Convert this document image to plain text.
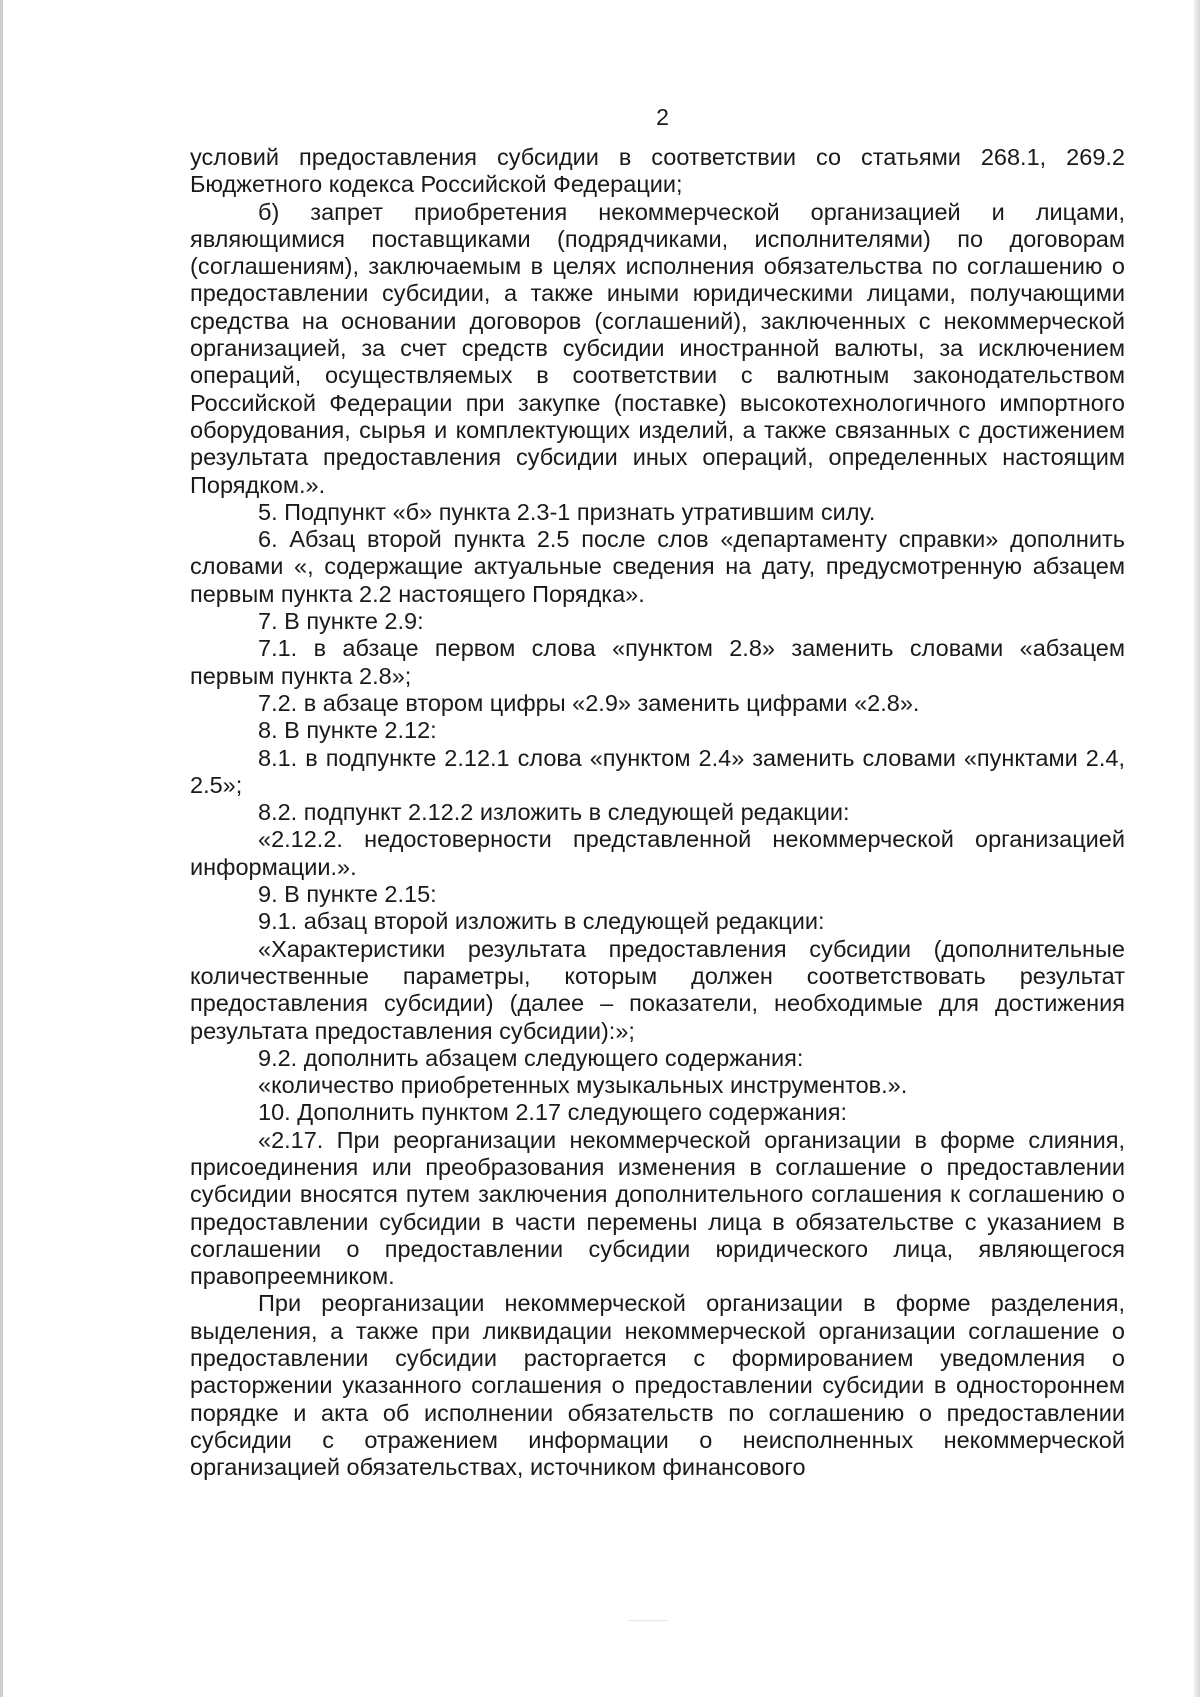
2

условий предоставления субсидии в соответствии со статьями 268.1, 269.2 Бюджетного кодекса Российской Федерации;

б) запрет приобретения некоммерческой организацией и лицами, являющимися поставщиками (подрядчиками, исполнителями) по договорам (соглашениям), заключаемым в целях исполнения обязательства по соглашению о предоставлении субсидии, а также иными юридическими лицами, получающими средства на основании договоров (соглашений), заключенных с некоммерческой организацией, за счет средств субсидии иностранной валюты, за исключением операций, осуществляемых в соответствии с валютным законодательством Российской Федерации при закупке (поставке) высокотехнологичного импортного оборудования, сырья и комплектующих изделий, а также связанных с достижением результата предоставления субсидии иных операций, определенных настоящим Порядком.».

5. Подпункт «б» пункта 2.3-1 признать утратившим силу.

6. Абзац второй пункта 2.5 после слов «департаменту справки» дополнить словами «, содержащие актуальные сведения на дату, предусмотренную абзацем первым пункта 2.2 настоящего Порядка».

7. В пункте 2.9:

7.1. в абзаце первом слова «пунктом 2.8» заменить словами «абзацем первым пункта 2.8»;

7.2. в абзаце втором цифры «2.9» заменить цифрами «2.8».

8. В пункте 2.12:

8.1. в подпункте 2.12.1 слова «пунктом 2.4» заменить словами «пунктами 2.4, 2.5»;

8.2. подпункт 2.12.2 изложить в следующей редакции:

«2.12.2. недостоверности представленной некоммерческой организацией информации.».

9. В пункте 2.15:

9.1. абзац второй изложить в следующей редакции:

«Характеристики результата предоставления субсидии (дополнительные количественные параметры, которым должен соответствовать результат предоставления субсидии) (далее – показатели, необходимые для достижения результата предоставления субсидии):»;

9.2. дополнить абзацем следующего содержания:

«количество приобретенных музыкальных инструментов.».

10. Дополнить пунктом 2.17 следующего содержания:

«2.17. При реорганизации некоммерческой организации в форме слияния, присоединения или преобразования изменения в соглашение о предоставлении субсидии вносятся путем заключения дополнительного соглашения к соглашению о предоставлении субсидии в части перемены лица в обязательстве с указанием в соглашении о предоставлении субсидии юридического лица, являющегося правопреемником.

При реорганизации некоммерческой организации в форме разделения, выделения, а также при ликвидации некоммерческой организации соглашение о предоставлении субсидии расторгается с формированием уведомления о расторжении указанного соглашения о предоставлении субсидии в одностороннем порядке и акта об исполнении обязательств по соглашению о предоставлении субсидии с отражением информации о неисполненных некоммерческой организацией обязательствах, источником финансового
